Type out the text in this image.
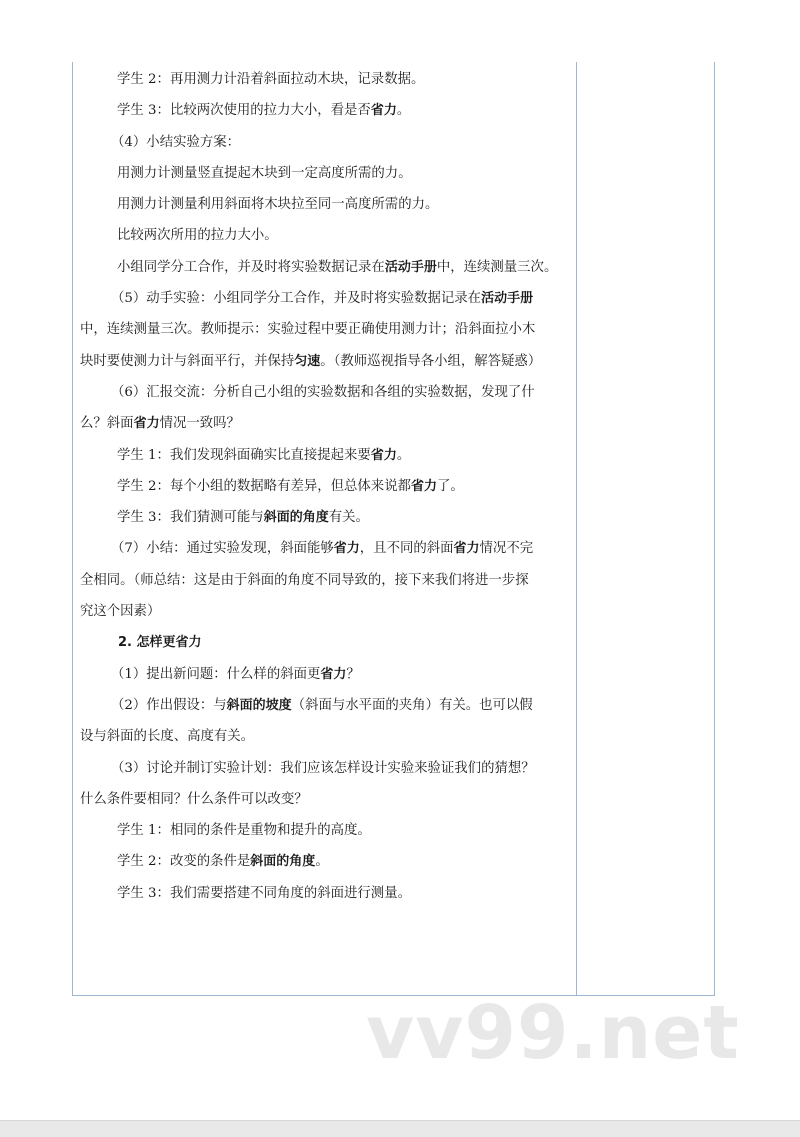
学生 2：再用测力计沿着斜面拉动木块，记录数据。

学生 3：比较两次使用的拉力大小，看是否省力。

（4）小结实验方案：

用测力计测量竖直提起木块到一定高度所需的力。

用测力计测量利用斜面将木块拉至同一高度所需的力。

比较两次所用的拉力大小。

小组同学分工合作，并及时将实验数据记录在活动手册中，连续测量三次。

（5）动手实验：小组同学分工合作，并及时将实验数据记录在活动手册

中，连续测量三次。教师提示：实验过程中要正确使用测力计；沿斜面拉小木

块时要使测力计与斜面平行，并保持匀速。（教师巡视指导各小组，解答疑惑）

（6）汇报交流：分析自己小组的实验数据和各组的实验数据，发现了什

么？斜面省力情况一致吗？

学生 1：我们发现斜面确实比直接提起来要省力。

学生 2：每个小组的数据略有差异，但总体来说都省力了。

学生 3：我们猜测可能与斜面的角度有关。

（7）小结：通过实验发现，斜面能够省力，且不同的斜面省力情况不完

全相同。（师总结：这是由于斜面的角度不同导致的，接下来我们将进一步探

究这个因素）

2. 怎样更省力

（1）提出新问题：什么样的斜面更省力？

（2）作出假设：与斜面的坡度（斜面与水平面的夹角）有关。也可以假

设与斜面的长度、高度有关。

（3）讨论并制订实验计划：我们应该怎样设计实验来验证我们的猜想？

什么条件要相同？什么条件可以改变？

学生 1：相同的条件是重物和提升的高度。

学生 2：改变的条件是斜面的角度。

学生 3：我们需要搭建不同角度的斜面进行测量。

vv99.net
